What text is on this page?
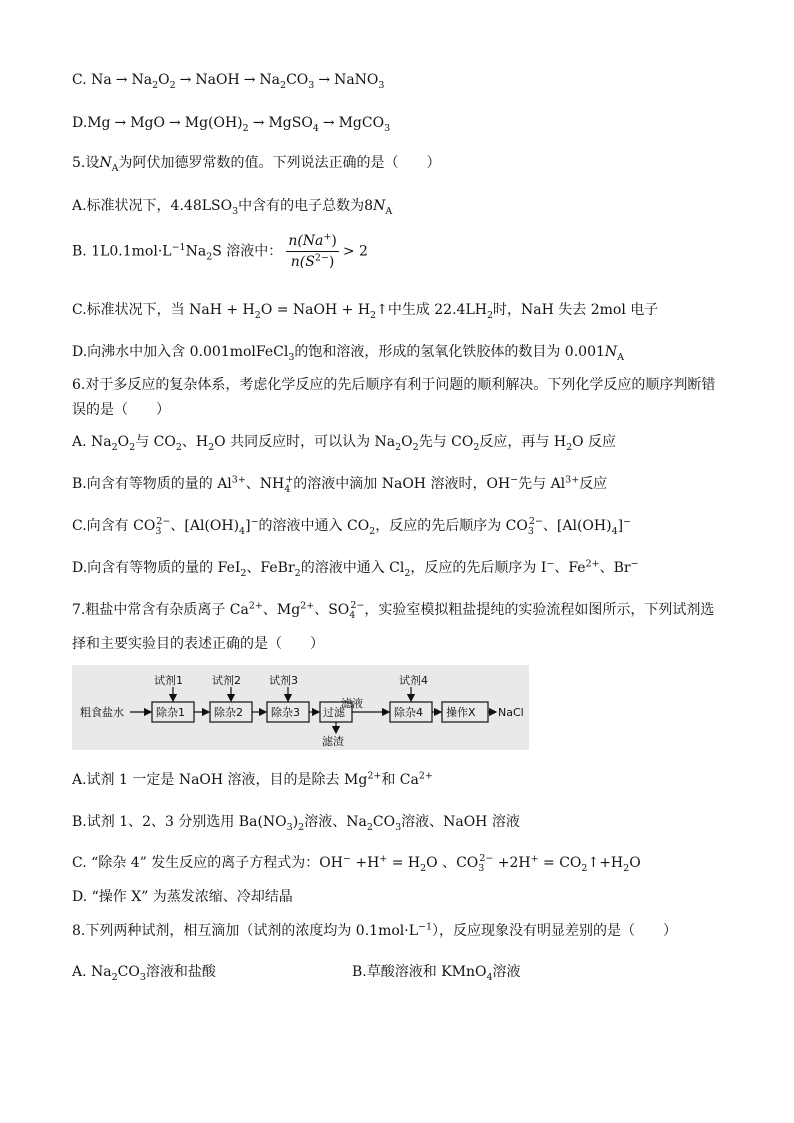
C. $Na \to Na_2O_2$ → NaOH → $Na_2CO_3$ → NaNO$_3$
D.Mg → MgO → $Mg(OH)_2$ → MgSO$_4$ → MgCO$_3$
5.设$N_A$为阿伏加德罗常数的值。下列说法正确的是（　　）
A.标准状况下，$4.48LSO_3$中含有的电子总数为$8N_A$
B. $1L0.1mol\cdot L^{-1}Na_2S$ 溶液中： $\frac{n(Na^+)}{n(S^{2-})} > 2$
C.标准状况下，当 NaH + $H_2O$ = NaOH + $H_2↑$中生成 $22.4LH_2$时，NaH 失去 2mol 电子
D.向沸水中加入含 0.001molFeCl$_3$的饱和溶液，形成的氢氧化铁胶体的数目为 $0.001N_A$
6.对于多反应的复杂体系，考虑化学反应的先后顺序有利于问题的顺利解决。下列化学反应的顺序判断错
误的是（　　）
A. $Na_2O_2$与 $CO_2$、$H_2O$ 共同反应时，可以认为 $Na_2O_2$先与 $CO_2$反应，再与 $H_2O$ 反应
B.向含有等物质的量的 $Al^{3+}$、$NH_4^+$的溶液中滴加 NaOH 溶液时，OH−先与 $Al^{3+}$反应
C.向含有 $CO_3^{2-}$、$[Al(OH)_4]^-$的溶液中通入 $CO_2$，反应的先后顺序为 $CO_3^{2-}$、$[Al(OH)_4]^-$
D.向含有等物质的量的 FeI$_2$、FeBr$_2$的溶液中通入 $Cl_2$，反应的先后顺序为 I−、$Fe^{2+}$、Br−
7.粗盐中常含有杂质离子 $Ca^{2+}$、$Mg^{2+}$、$SO_4^{2-}$，实验室模拟粗盐提纯的实验流程如图所示，下列试剂选
择和主要实验目的表述正确的是（　　）
粗食盐水
试剂1	试剂2	试剂3	试剂4
滤液
滤渣
NaCl
除杂1	除杂2	除杂3 过滤	除杂4 操作X
A.试剂 1 一定是 NaOH 溶液，目的是除去 $Mg^{2+}$和 $Ca^{2+}$
B.试剂 1、2、3 分别选用 $Ba(NO_3)_2$溶液、$Na_2CO_3$溶液、NaOH 溶液
C. “除杂 4” 发生反应的离子方程式为：$OH^- +H^+ = H_2O$ 、$CO_3^{2-} +2H^+$ = $CO_2↑+H_2O$
D. “操作 X” 为蒸发浓缩、冷却结晶
8.下列两种试剂，相互滴加（试剂的浓度均为 $0.1mol\cdot L^{-1}$），反应现象没有明显差别的是（　　）
A. $Na_2CO_3$溶液和盐酸	B.草酸溶液和 KMnO$_4$溶液
